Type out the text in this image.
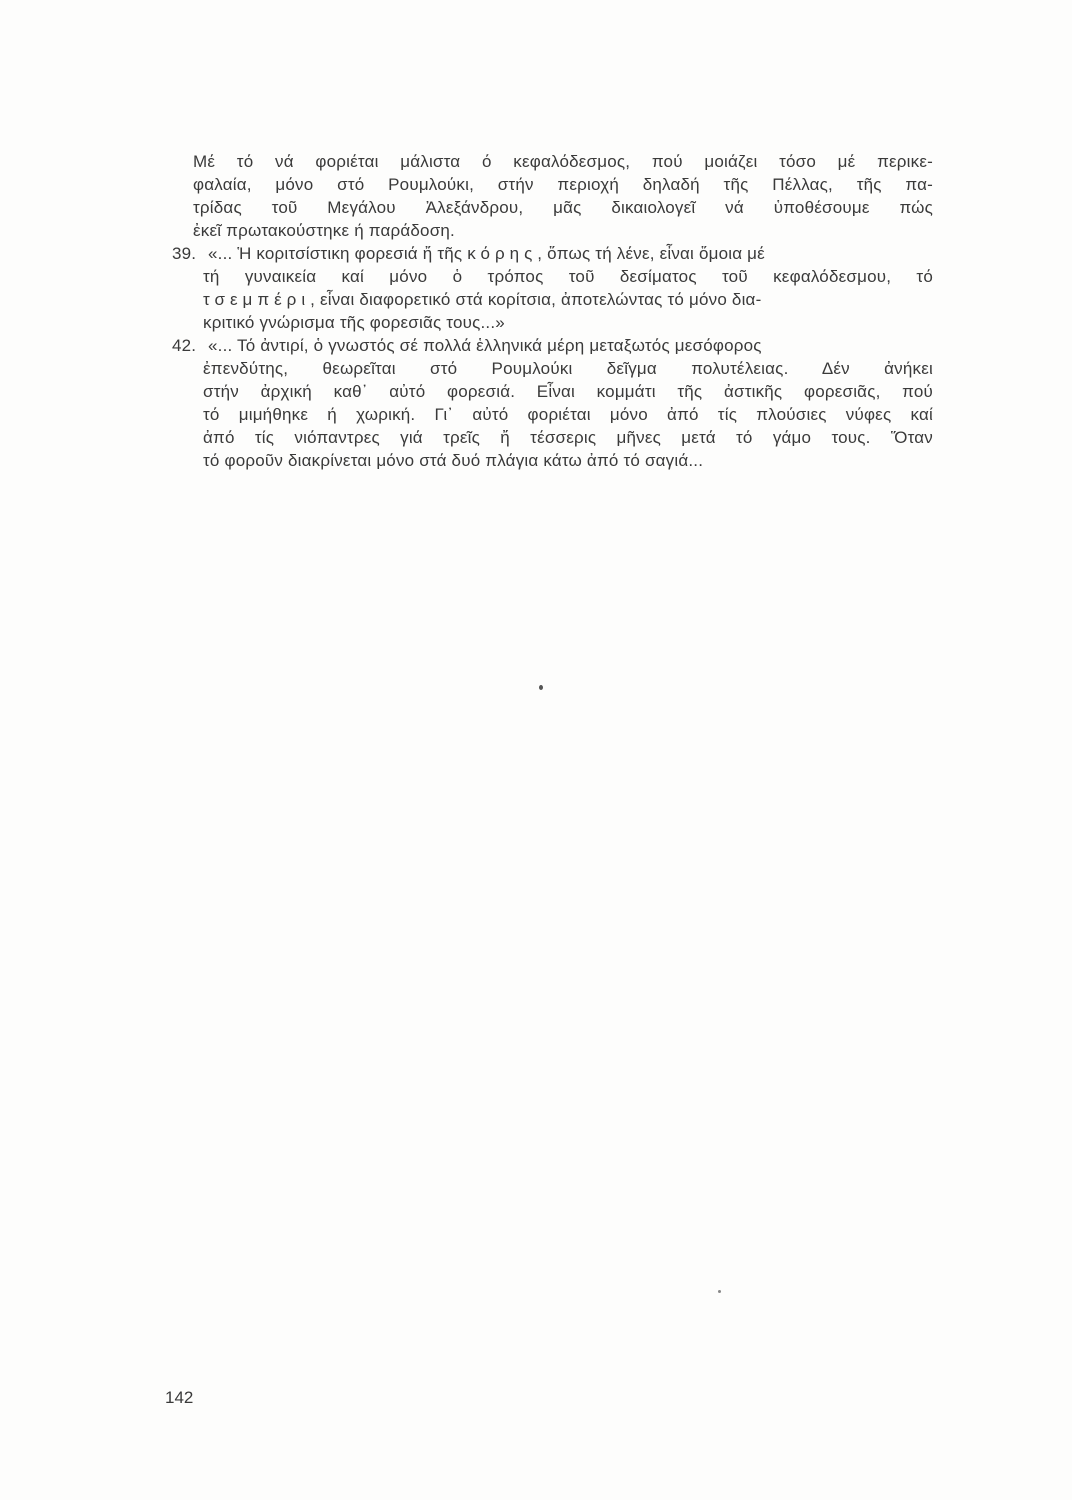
Μέ τό νά φοριέται μάλιστα ό κεφαλόδεσμος, πού μοιάζει τόσο μέ περικε-
φαλαία, μόνο στό Ρουμλούκι, στήν περιοχή δηλαδή τῆς Πέλλας, τῆς πα-
τρίδας τοῦ Μεγάλου Ἀλεξάνδρου, μᾶς δικαιολογεῖ νά ὑποθέσουμε πώς
ἐκεῖ πρωτακούστηκε ή παράδοση.
39. «... Ἡ κοριτσίστικη φορεσιά ἤ τῆς κόρης, ὅπως τή λένε, εἶναι ὅμοια μέ
τή γυναικεία καί μόνο ὁ τρόπος τοῦ δεσίματος τοῦ κεφαλόδεσμου, τό
τσεμπέρι, εἶναι διαφορετικό στά κορίτσια, ἀποτελώντας τό μόνο δια-
κριτικό γνώρισμα τῆς φορεσιᾶς τους...»
42. «... Τό ἀντιρί, ὁ γνωστός σέ πολλά ἑλληνικά μέρη μεταξωτός μεσόφορος
ἐπενδύτης, θεωρεῖται στό Ρουμλούκι δεῖγμα πολυτέλειας. Δέν ἀνήκει
στήν ἀρχική καθ᾽ αὐτό φορεσιά. Εἶναι κομμάτι τῆς ἀστικῆς φορεσιᾶς, πού
τό μιμήθηκε ή χωρική. Γι᾽ αὐτό φοριέται μόνο ἀπό τίς πλούσιες νύφες καί
ἀπό τίς νιόπαντρες γιά τρεῖς ἤ τέσσερις μῆνες μετά τό γάμο τους. Ὅταν
τό φοροῦν διακρίνεται μόνο στά δυό πλάγια κάτω ἀπό τό σαγιά...
142
